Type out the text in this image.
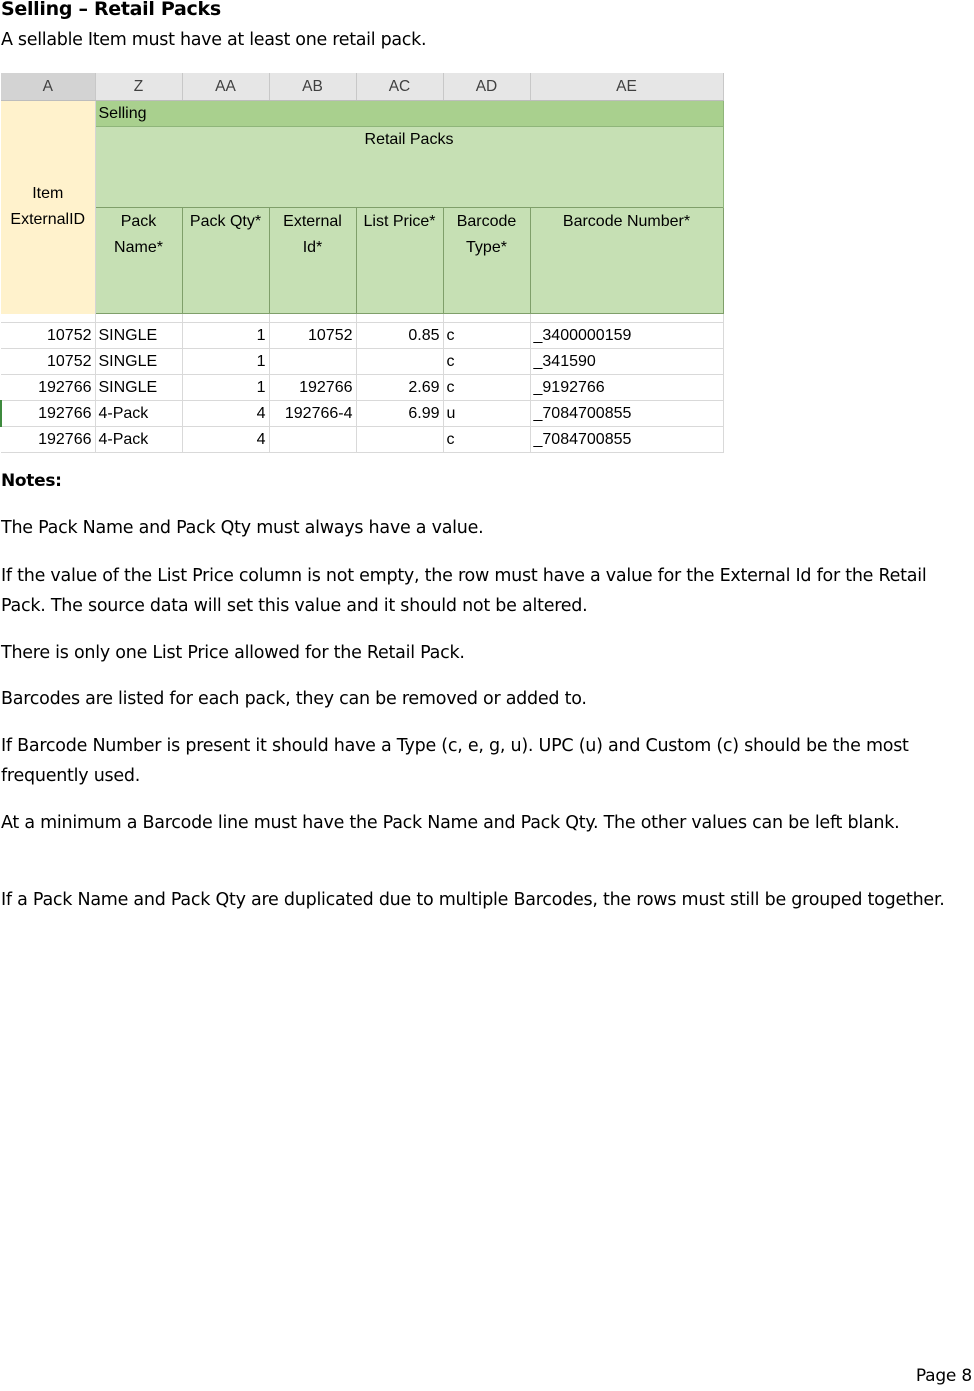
Selling – Retail Packs
A sellable Item must have at least one retail pack.
A	Z	AA	AB	AC	AD	AE
Item ExternalID	Selling					
	Retail Packs					
	Pack Name*	Pack Qty*	External Id*	List Price*	Barcode Type*	Barcode Number*

10752	SINGLE	1	10752	0.85	c	_3400000159
10752	SINGLE	1			c	_341590
192766	SINGLE	1	192766	2.69	c	_9192766
192766	4-Pack	4	192766-4	6.99	u	_7084700855
192766	4-Pack	4			c	_7084700855
Notes:
The Pack Name and Pack Qty must always have a value.
If the value of the List Price column is not empty, the row must have a value for the External Id for the Retail Pack. The source data will set this value and it should not be altered.
There is only one List Price allowed for the Retail Pack.
Barcodes are listed for each pack, they can be removed or added to.
If Barcode Number is present it should have a Type (c, e, g, u). UPC (u) and Custom (c) should be the most frequently used.
At a minimum a Barcode line must have the Pack Name and Pack Qty. The other values can be left blank.
If a Pack Name and Pack Qty are duplicated due to multiple Barcodes, the rows must still be grouped together.
Page 8
